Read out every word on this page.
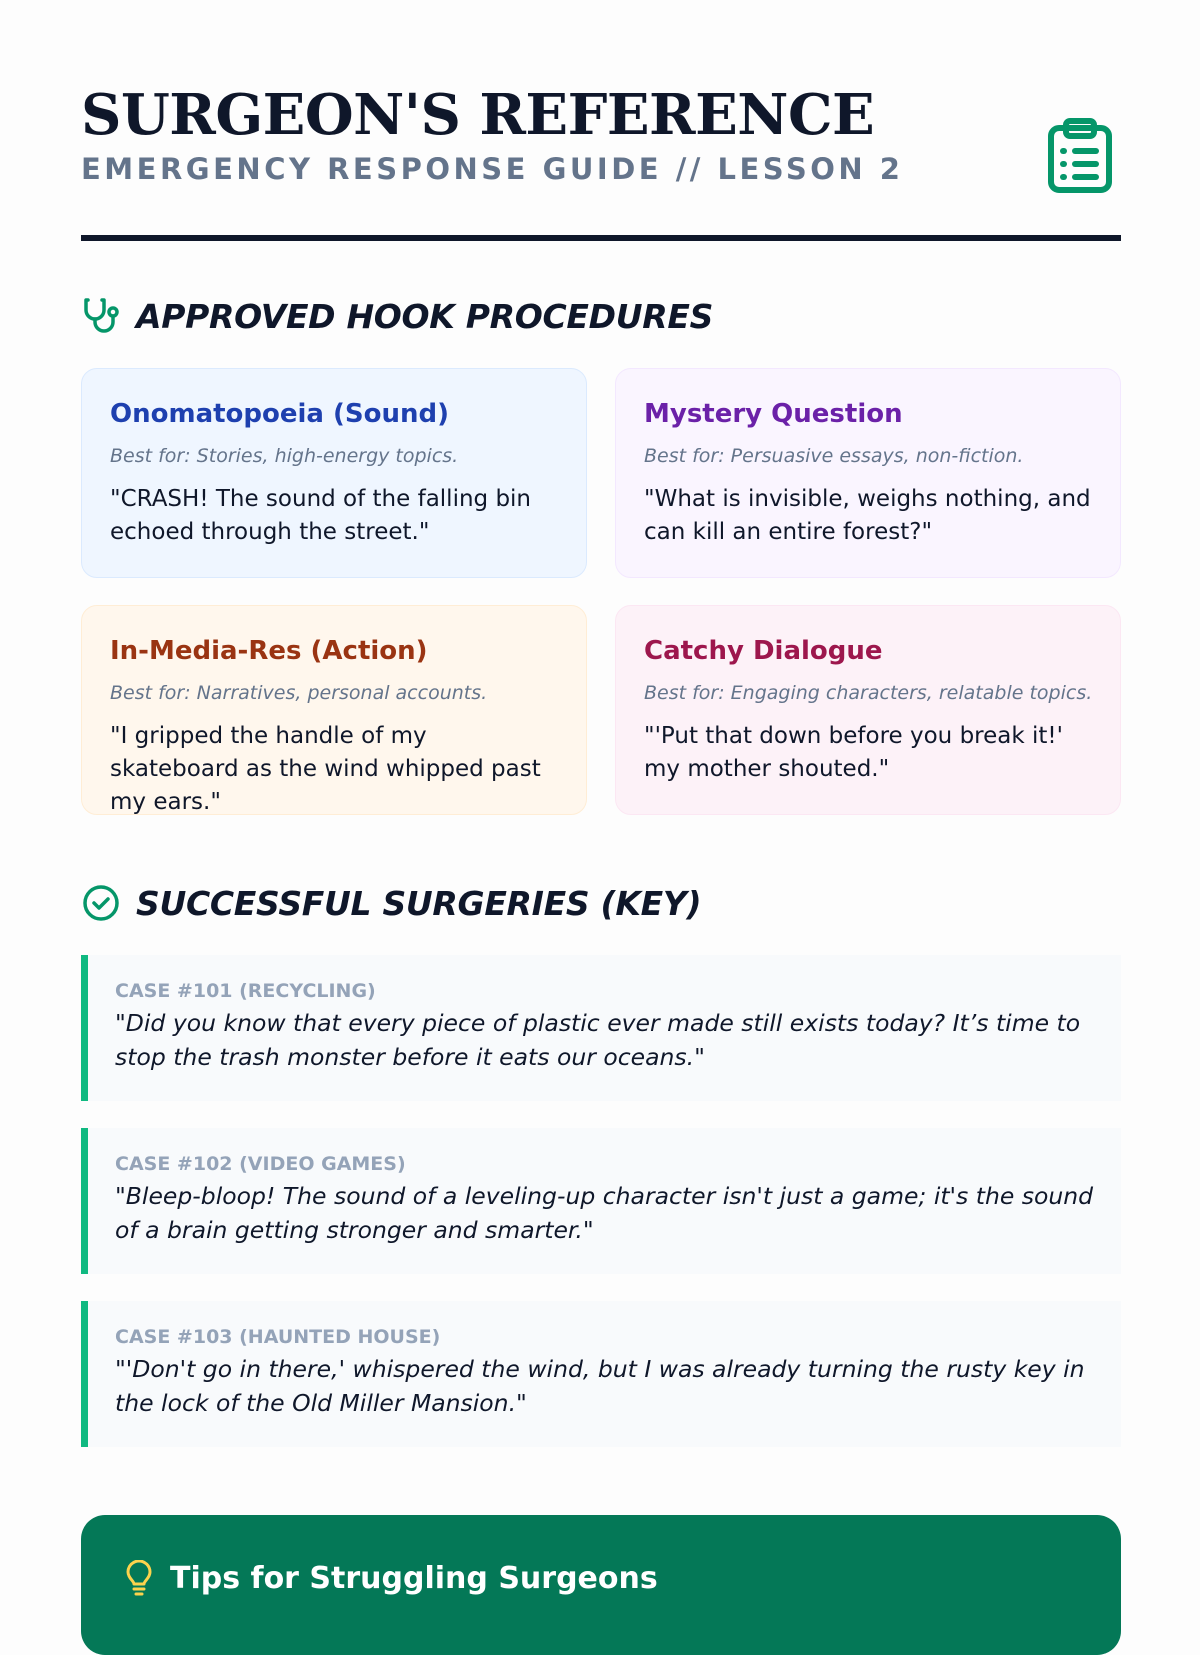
SURGEON'S REFERENCE
EMERGENCY RESPONSE GUIDE // LESSON 2
APPROVED HOOK PROCEDURES
Onomatopoeia (Sound)
Best for: Stories, high-energy topics.
"CRASH! The sound of the falling bin echoed through the street."
Mystery Question
Best for: Persuasive essays, non-fiction.
"What is invisible, weighs nothing, and can kill an entire forest?"
In-Media-Res (Action)
Best for: Narratives, personal accounts.
"I gripped the handle of my skateboard as the wind whipped past my ears."
Catchy Dialogue
Best for: Engaging characters, relatable topics.
"'Put that down before you break it!' my mother shouted."
SUCCESSFUL SURGERIES (KEY)
CASE #101 (RECYCLING)
"Did you know that every piece of plastic ever made still exists today? It’s time to stop the trash monster before it eats our oceans."
CASE #102 (VIDEO GAMES)
"Bleep-bloop! The sound of a leveling-up character isn't just a game; it's the sound of a brain getting stronger and smarter."
CASE #103 (HAUNTED HOUSE)
"'Don't go in there,' whispered the wind, but I was already turning the rusty key in the lock of the Old Miller Mansion."
Tips for Struggling Surgeons
